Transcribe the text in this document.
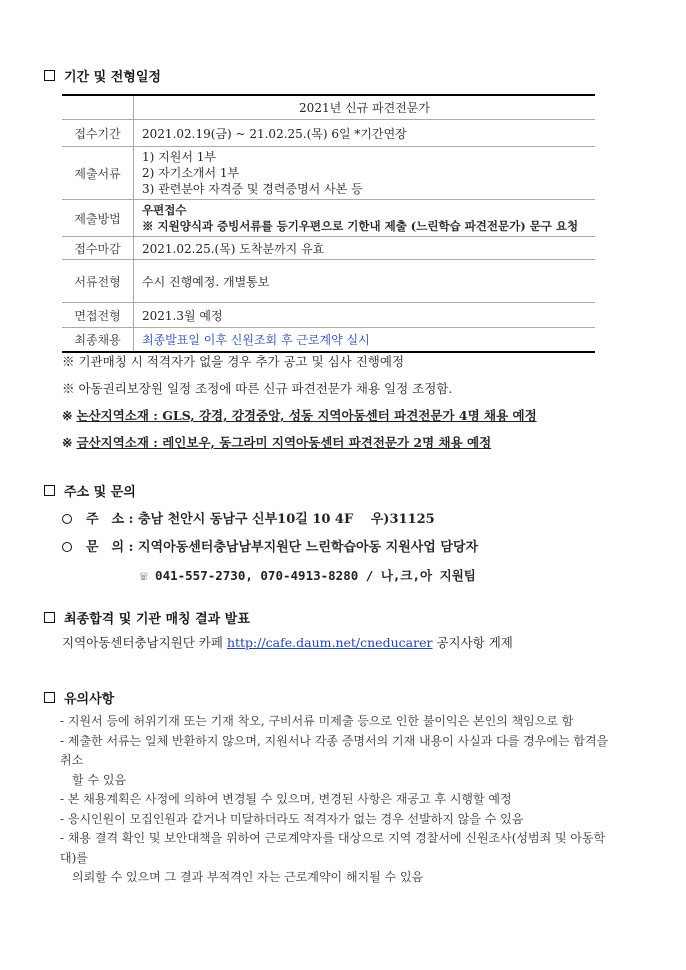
기간 및 전형일정
	2021년 신규 파견전문가
접수기간	2021.02.19(금) ~ 21.02.25.(목) 6일 *기간연장
제출서류	1) 지원서 1부
2) 자기소개서 1부
3) 관련분야 자격증 및 경력증명서 사본 등

제출방법	우편접수
※ 지원양식과 증빙서류를 등기우편으로 기한내 제출 (느린학습 파견전문가) 문구 요청

접수마감	2021.02.25.(목) 도착분까지 유효
서류전형	수시 진행예정. 개별통보
면접전형	2021.3월 예정
최종채용	최종발표일 이후 신원조회 후 근로계약 실시
※ 기관매칭 시 적격자가 없을 경우 추가 공고 및 심사 진행예정
※ 아동권리보장원 일정 조정에 따른 신규 파견전문가 채용 일정 조정함.
※ 논산지역소재 : GLS, 강경, 강경중앙, 성동 지역아동센터 파견전문가 4명 채용 예정
※ 금산지역소재 : 레인보우, 동그라미 지역아동센터 파견전문가 2명 채용 예정
주소 및 문의
주　소 : 충남 천안시 동남구 신부10길 10 4F　 우)31125
문　의 : 지역아동센터충남남부지원단 느린학습아동 지원사업 담당자
☏ 041-557-2730, 070-4913-8280 / 나,크,아 지원팀
최종합격 및 기관 매칭 결과 발표
지역아동센터충남지원단 카페 http://cafe.daum.net/cneducarer 공지사항 게제
유의사항
- 지원서 등에 허위기재 또는 기재 착오, 구비서류 미제출 등으로 인한 불이익은 본인의 책임으로 함
- 제출한 서류는 일체 반환하지 않으며, 지원서나 각종 증명서의 기재 내용이 사실과 다를 경우에는 합격을 취소
할 수 있음
- 본 채용계획은 사정에 의하여 변경될 수 있으며, 변경된 사항은 재공고 후 시행할 예정
- 응시인원이 모집인원과 같거나 미달하더라도 적격자가 없는 경우 선발하지 않을 수 있음
- 채용 결격 확인 및 보안대책을 위하여 근로계약자를 대상으로 지역 경찰서에 신원조사(성범죄 및 아동학대)를
의뢰할 수 있으며 그 결과 부적격인 자는 근로계약이 해지될 수 있음
